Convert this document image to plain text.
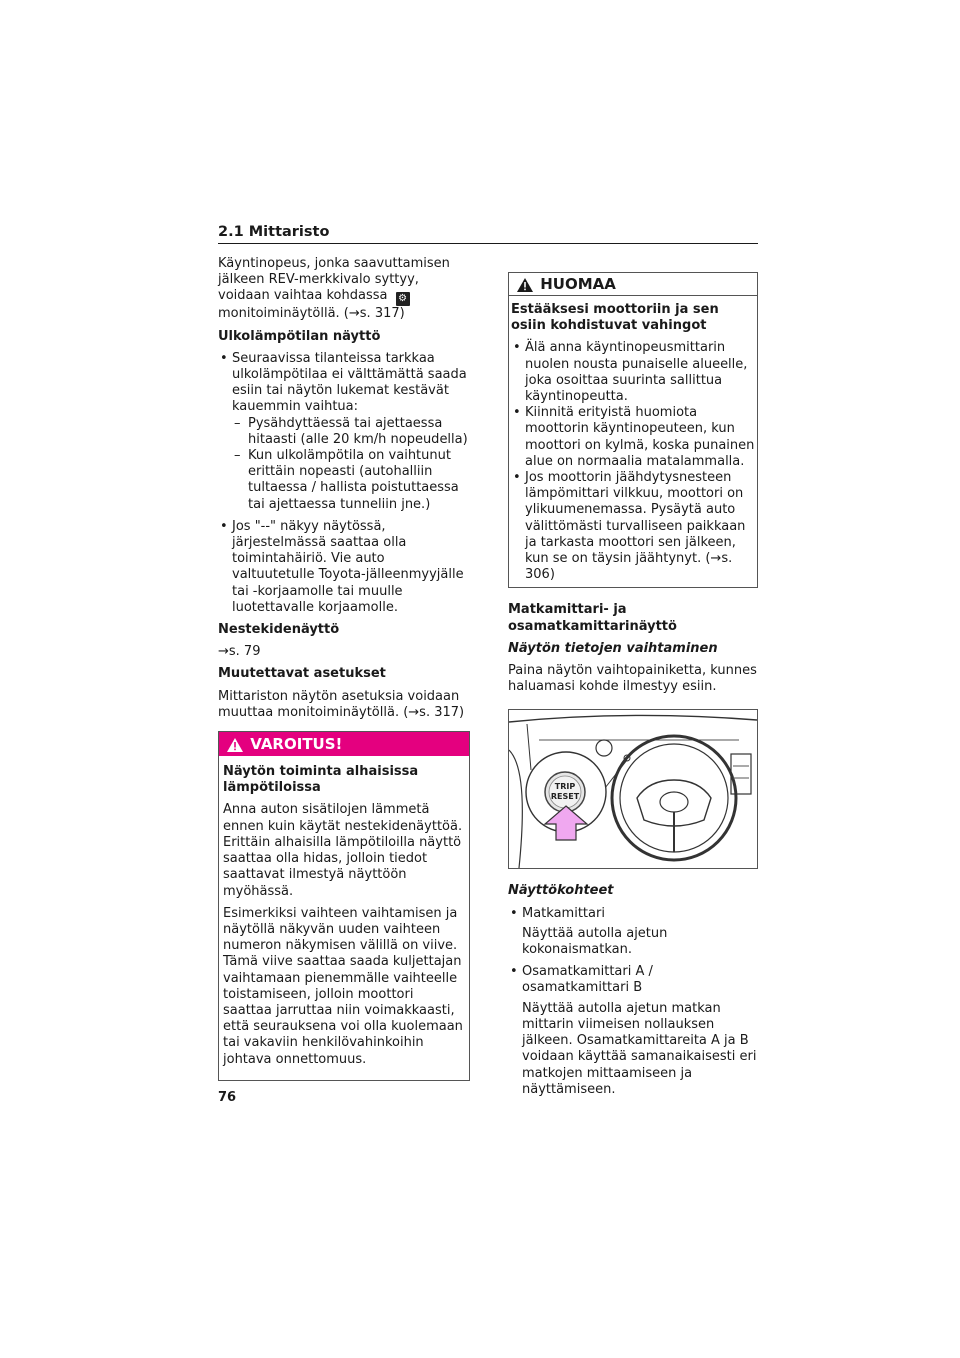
2.1 Mittaristo

Käyntinopeus, jonka saavuttamisen jälkeen REV-merkkivalo syttyy, voidaan vaihtaa kohdassa ⚙ monitoiminäytöllä. (→s. 317)

Ulkolämpötilan näyttö
• Seuraavissa tilanteissa tarkkaa ulkolämpötilaa ei välttämättä saada esiin tai näytön lukemat kestävät kauemmin vaihtua:
– Pysähdyttäessä tai ajettaessa hitaasti (alle 20 km/h nopeudella)
– Kun ulkolämpötila on vaihtunut erittäin nopeasti (autohalliin tultaessa / hallista poistuttaessa tai ajettaessa tunneliin jne.)
• Jos "--" näkyy näytössä, järjestelmässä saattaa olla toimintahäiriö. Vie auto valtuutetulle Toyota-jälleenmyyjälle tai -korjaamolle tai muulle luotettavalle korjaamolle.
Nestekidenäyttö

→s. 79

Muutettavat asetukset

Mittariston näytön asetuksia voidaan muuttaa monitoiminäytöllä. (→s. 317)

VAROITUS!
Näytön toiminta alhaisissa lämpötiloissa

Anna auton sisätilojen lämmetä ennen kuin käytät nestekidenäyttöä. Erittäin alhaisilla lämpötiloilla näyttö saattaa olla hidas, jolloin tiedot saattavat ilmestyä näyttöön myöhässä.

Esimerkiksi vaihteen vaihtamisen ja näytöllä näkyvän uuden vaihteen numeron näkymisen välillä on viive. Tämä viive saattaa saada kuljettajan vaihtamaan pienemmälle vaihteelle toistamiseen, jolloin moottori saattaa jarruttaa niin voimakkaasti, että seurauksena voi olla kuolemaan tai vakaviin henkilövahinkoihin johtava onnettomuus.

HUOMAA
Estääksesi moottoriin ja sen osiin kohdistuvat vahingot
• Älä anna käyntinopeusmittarin nuolen nousta punaiselle alueelle, joka osoittaa suurinta sallittua käyntinopeutta.
• Kiinnitä erityistä huomiota moottorin käyntinopeuteen, kun moottori on kylmä, koska punainen alue on normaalia matalammalla.
• Jos moottorin jäähdytysnesteen lämpömittari vilkkuu, moottori on ylikuumenemassa. Pysäytä auto välittömästi turvalliseen paikkaan ja tarkasta moottori sen jälkeen, kun se on täysin jäähtynyt. (→s. 306)
Matkamittari- ja osamatkamittarinäyttö
Näytön tietojen vaihtaminen

Paina näytön vaihtopainiketta, kunnes haluamasi kohde ilmestyy esiin.

TRIP
RESET
Näyttökohteet
• Matkamittari

Näyttää autolla ajetun kokonaismatkan.

• Osamatkamittari A / osamatkamittari B

Näyttää autolla ajetun matkan mittarin viimeisen nollauksen jälkeen. Osamatkamittareita A ja B voidaan käyttää samanaikaisesti eri matkojen mittaamiseen ja näyttämiseen.

76
